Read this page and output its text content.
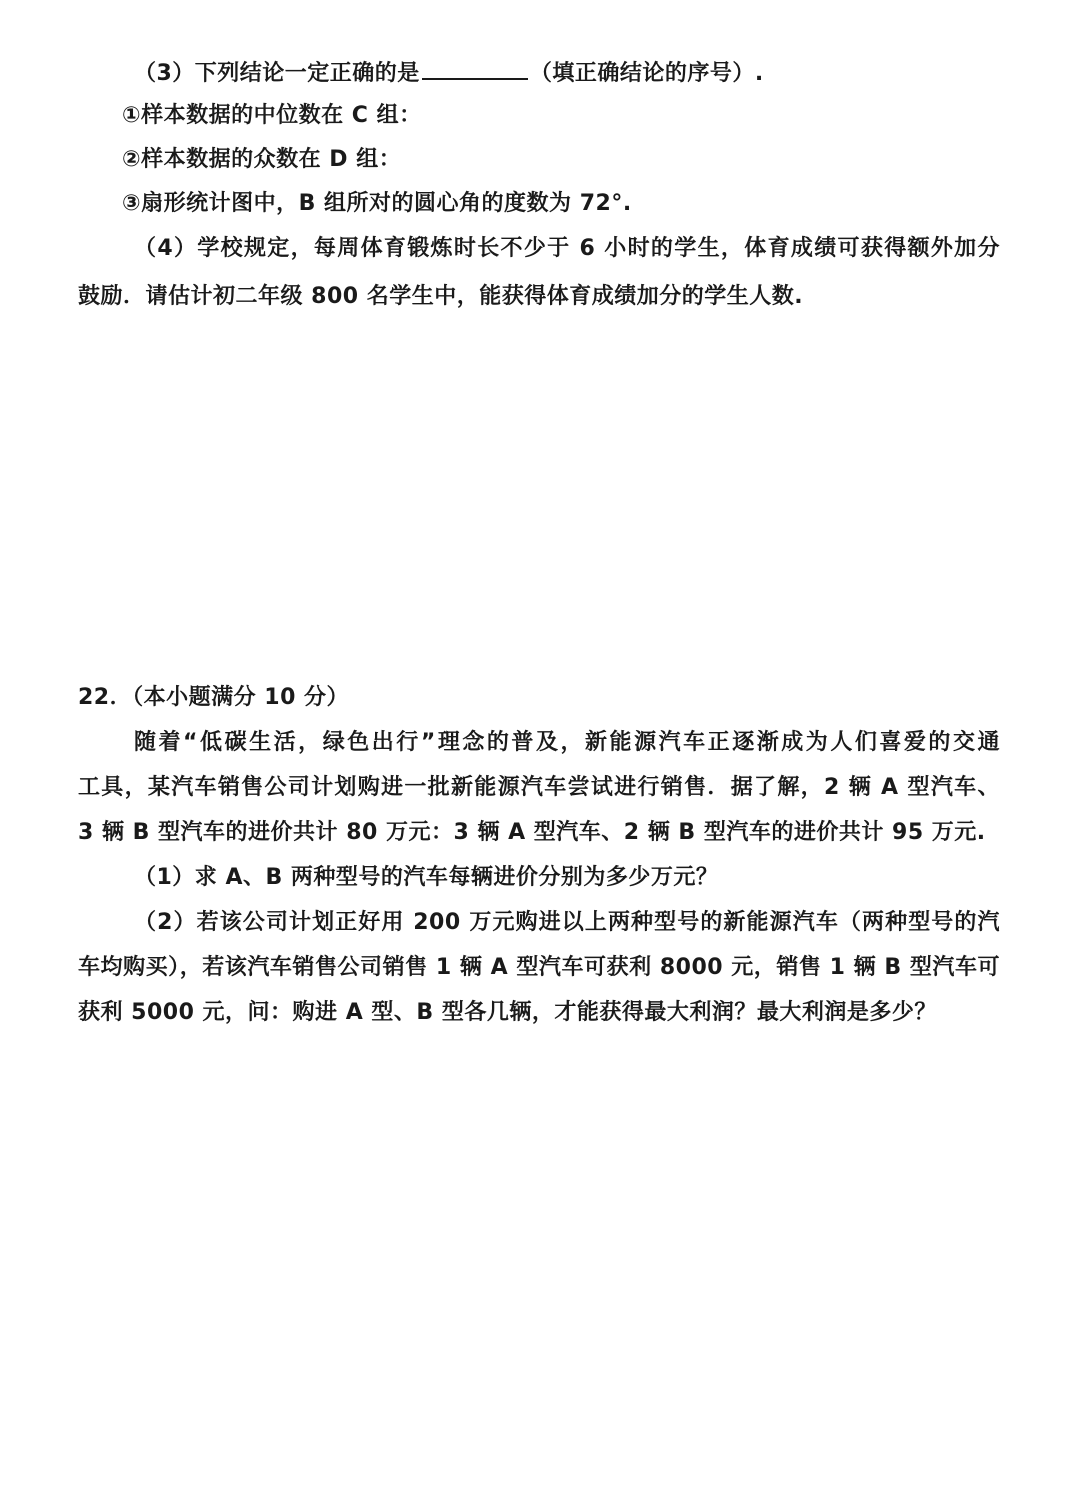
（3）下列结论一定正确的是	（填正确结论的序号）.
①样本数据的中位数在 C 组：
②样本数据的众数在 D 组：
③扇形统计图中，B 组所对的圆心角的度数为 72°.
（4）学校规定，每周体育锻炼时长不少于 6 小时的学生，体育成绩可获得额外加分
鼓励．请估计初二年级 800 名学生中，能获得体育成绩加分的学生人数.
22．（本小题满分 10 分）
随着“低碳生活，绿色出行”理念的普及，新能源汽车正逐渐成为人们喜爱的交通
工具，某汽车销售公司计划购进一批新能源汽车尝试进行销售．据了解，2 辆 A 型汽车、
3 辆 B 型汽车的进价共计 80 万元：3 辆 A 型汽车、2 辆 B 型汽车的进价共计 95 万元.
（1）求 A、B 两种型号的汽车每辆进价分别为多少万元？
（2）若该公司计划正好用 200 万元购进以上两种型号的新能源汽车（两种型号的汽
车均购买），若该汽车销售公司销售 1 辆 A 型汽车可获利 8000 元，销售 1 辆 B 型汽车可
获利 5000 元，问：购进 A 型、B 型各几辆，才能获得最大利润？最大利润是多少？
